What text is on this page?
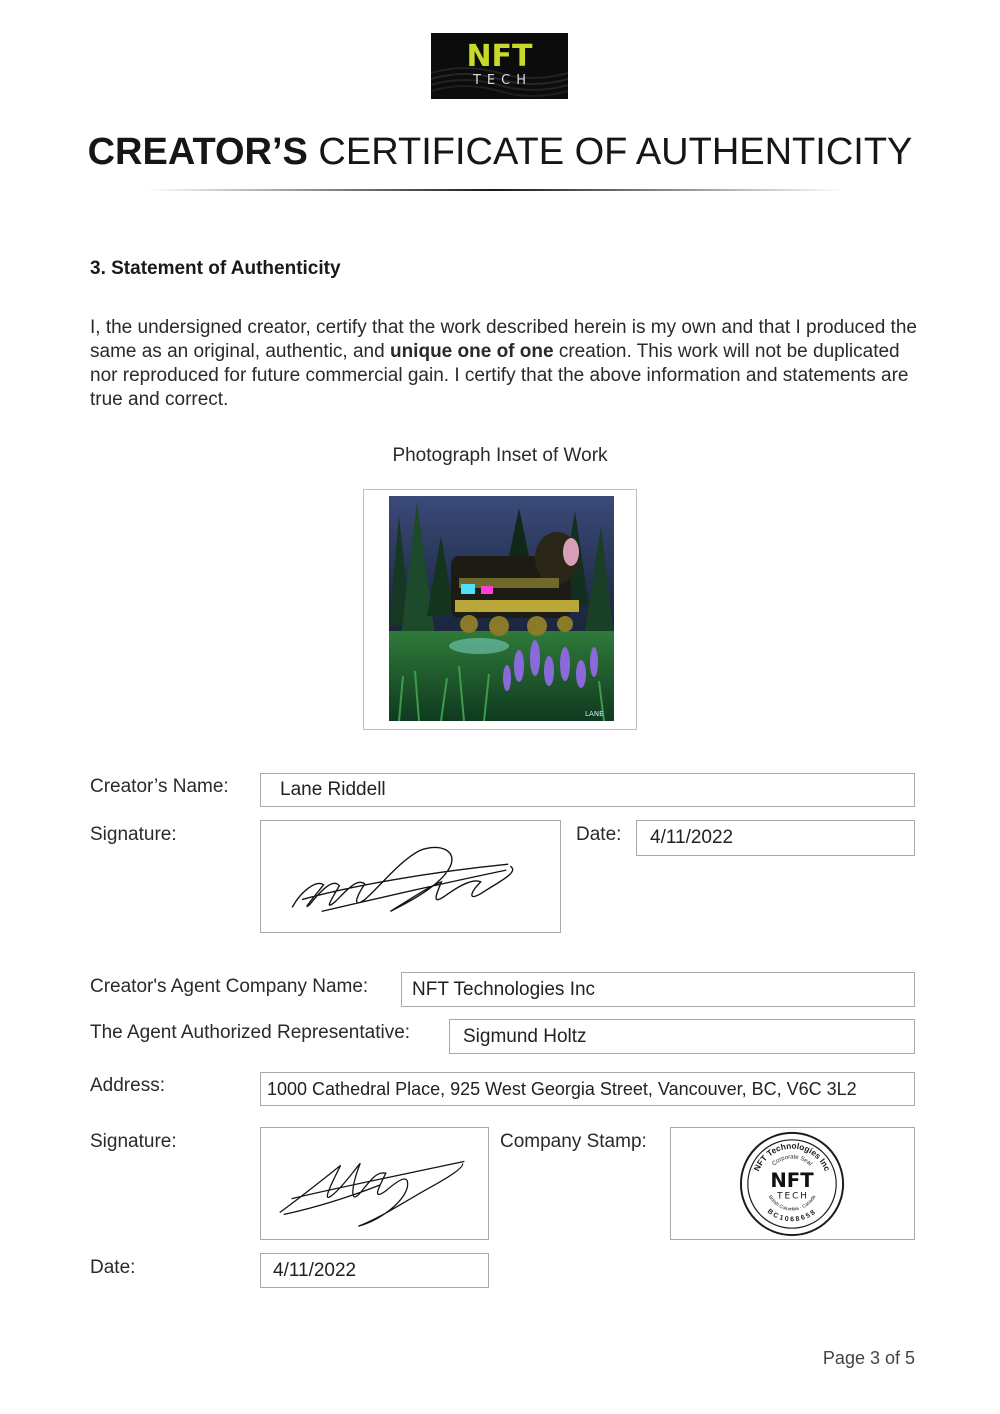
NFT
TECH
CREATOR’S CERTIFICATE OF AUTHENTICITY
3. Statement of Authenticity
I, the undersigned creator, certify that the work described herein is my own and that I produced the same as an original, authentic, and unique one of one creation. This work will not be duplicated nor reproduced for future commercial gain. I certify that the above information and statements are true and correct.
Photograph Inset of Work
LANE
Creator’s Name:	Lane Riddell
Signature:	Date:	4/11/2022
Creator's Agent Company Name:	NFT Technologies Inc
The Agent Authorized Representative:	Sigmund Holtz
Address:	1000 Cathedral Place, 925 West Georgia Street, Vancouver, BC, V6C 3L2
Signature:	Company Stamp:
NFT Technologies Inc
Corporate Seal
BC1068658
British Columbia · Canada
NFT
TECH
Date:	4/11/2022
Page 3 of 5
